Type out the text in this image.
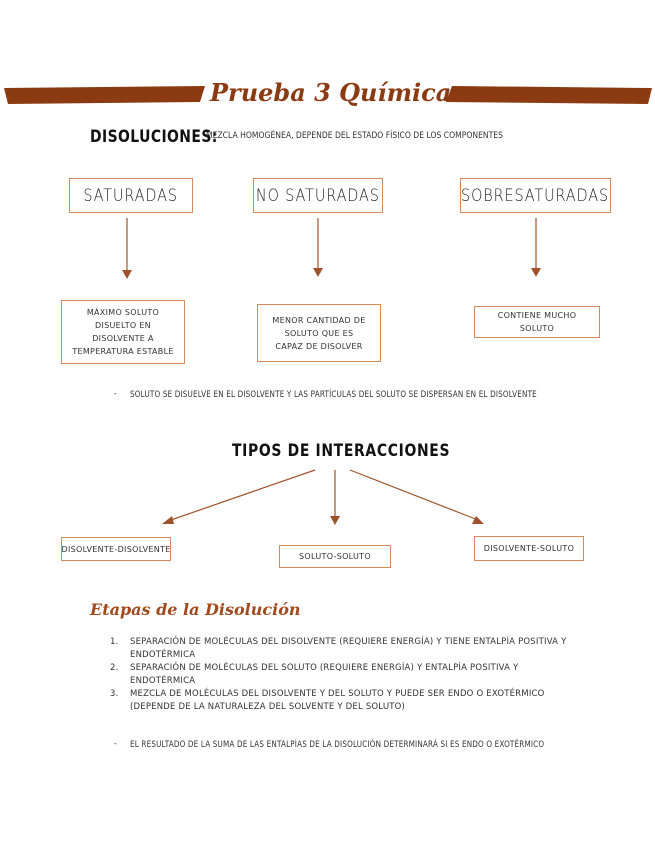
Prueba 3 Química
DISOLUCIONES:
MEZCLA HOMOGÉNEA, DEPENDE DEL ESTADO FÍSICO DE LOS COMPONENTES
SATURADAS	NO SATURADAS	SOBRESATURADAS
MÁXIMO SOLUTO DISUELTO EN DISOLVENTE A TEMPERATURA ESTABLE
MENOR CANTIDAD DE SOLUTO QUE ES CAPAZ DE DISOLVER
CONTIENE MUCHO SOLUTO
- SOLUTO SE DISUELVE EN EL DISOLVENTE Y LAS PARTÍCULAS DEL SOLUTO SE DISPERSAN EN EL DISOLVENTE
TIPOS DE INTERACCIONES
DISOLVENTE-DISOLVENTE
SOLUTO-SOLUTO
DISOLVENTE-SOLUTO
Etapas de la Disolución
1.	SEPARACIÓN DE MOLÉCULAS DEL DISOLVENTE (REQUIERE ENERGÍA) Y TIENE ENTALPÍA POSITIVA Y ENDOTÉRMICA
2.	SEPARACIÓN DE MOLÉCULAS DEL SOLUTO (REQUIERE ENERGÍA) Y ENTALPÍA POSITIVA Y ENDOTÉRMICA
3.	MEZCLA DE MOLÉCULAS DEL DISOLVENTE Y DEL SOLUTO Y PUEDE SER ENDO O EXOTÉRMICO (DEPENDE DE LA NATURALEZA DEL SOLVENTE Y DEL SOLUTO)
- EL RESULTADO DE LA SUMA DE LAS ENTALPÍAS DE LA DISOLUCIÓN DETERMINARÁ SI ES ENDO O EXOTÉRMICO
